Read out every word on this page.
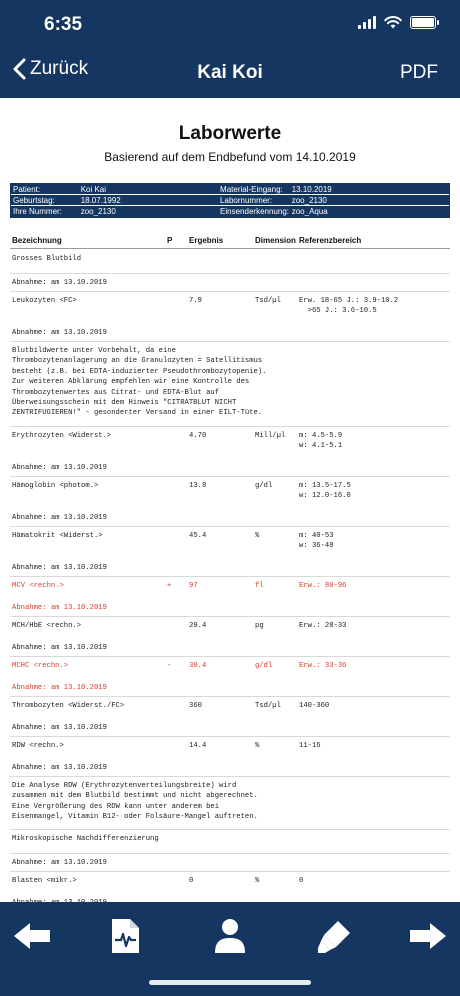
6:35
Zurück	Kai Koi	PDF
Laborwerte
Basierend auf dem Endbefund vom 14.10.2019
Patient:	Koi Kai	Material-Eingang:	13.10.2019
Geburtstag:	18.07.1992	Labornummer:	zoo_2130
Ihre Nummer:	zoo_2130	Einsenderkennung: zoo_Aqua
Bezeichnung	P Ergebnis	Dimension Referenzbereich
Grosses Blutbild
Abnahme: am 13.10.2019
Leukozyten <FC>	7.9	Tsd/µl	Erw. 18-65 J.: 3.9-10.2
>65 J.: 3.6-10.5
Abnahme: am 13.10.2019
Blutbildwerte unter Vorbehalt, da eine
Thrombozytenanlagerung an die Granulozyten = Satellitismus
besteht (z.B. bei EDTA-induzierter Pseudothrombozytopenie).
Zur weiteren Abklärung empfehlen wir eine Kontrolle des
Thrombozytenwertes aus Citrat- und EDTA-Blut auf
Überweisungsschein mit dem Hinweis "CITRATBLUT NICHT
ZENTRIFUGIEREN!" - gesonderter Versand in einer EILT-Tüte.
Erythrozyten <Widerst.>	4.70	Mill/µl m: 4.5-5.9
w: 4.1-5.1
Abnahme: am 13.10.2019
Hämoglobin <photom.>	13.8	g/dl	m: 13.5-17.5
w: 12.0-16.0
Abnahme: am 13.10.2019
Hämatokrit <Widerst.>	45.4	%	m: 40-53
w: 36-48
Abnahme: am 13.10.2019
MCV <rechn.>	+ 97	fl	Erw.: 80-96
Abnahme: am 13.10.2019
MCH/HbE <rechn.>	29.4	pg	Erw.: 28-33
Abnahme: am 13.10.2019
MCHC <rechn.>	- 30.4	g/dl	Erw.: 33-36
Abnahme: am 13.10.2019
Thrombozyten <Widerst./FC>	360	Tsd/µl	140-360
Abnahme: am 13.10.2019
RDW <rechn.>	14.4	%	11-16
Abnahme: am 13.10.2019
Die Analyse RDW (Erythrozytenverteilungsbreite) wird
zusammen mit dem Blutbild bestimmt und nicht abgerechnet.
Eine Vergrößerung des RDW kann unter anderem bei
Eisenmangel, Vitamin B12- oder Folsäure-Mangel auftreten.
Mikroskopische Nachdifferenzierung
Abnahme: am 13.10.2019
Blasten <mikr.>	0	%	0
